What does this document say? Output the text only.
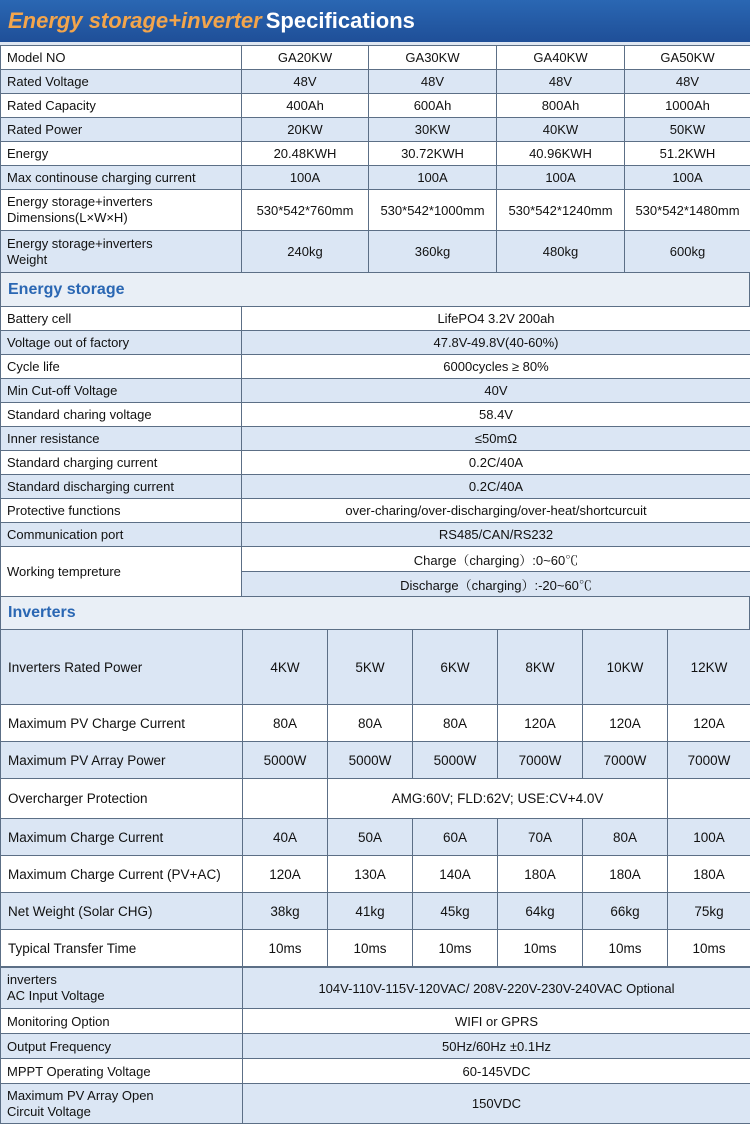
Energy storage+inverter Specifications
Model NO	GA20KW	GA30KW	GA40KW	GA50KW
Rated Voltage	48V	48V	48V	48V
Rated Capacity	400Ah	600Ah	800Ah	1000Ah
Rated Power	20KW	30KW	40KW	50KW
Energy	20.48KWH	30.72KWH	40.96KWH	51.2KWH
Max continouse charging current	100A	100A	100A	100A

Energy storage+inverters
Dimensions(L×W×H)	530*542*760mm	530*542*1000mm	530*542*1240mm	530*542*1480mm

Energy storage+inverters
Weight	240kg	360kg	480kg	600kg
Energy storage
Battery cell	LifePO4 3.2V 200ah
Voltage out of factory	47.8V-49.8V(40-60%)
Cycle life	6000cycles ≥ 80%
Min Cut-off Voltage	40V
Standard charing voltage	58.4V
Inner resistance	≤50mΩ
Standard charging current	0.2C/40A
Standard discharging current	0.2C/40A
Protective functions	over-charing/over-discharging/over-heat/shortcurcuit
Communication port	RS485/CAN/RS232
Working tempreture	Charge（charging）:0~60℃
	Discharge（charging）:-20~60℃
Inverters
Inverters Rated Power	4KW	5KW	6KW	8KW	10KW	12KW
Maximum PV Charge Current	80A	80A	80A	120A	120A	120A
Maximum PV Array Power	5000W	5000W	5000W	7000W	7000W	7000W
Overcharger Protection		AMG:60V; FLD:62V; USE:CV+4.0V				
Maximum Charge Current	40A	50A	60A	70A	80A	100A
Maximum Charge Current (PV+AC)	120A	130A	140A	180A	180A	180A
Net Weight (Solar CHG)	38kg	41kg	45kg	64kg	66kg	75kg
Typical Transfer Time	10ms	10ms	10ms	10ms	10ms	10ms
inverters
AC Input Voltage	104V-110V-115V-120VAC/ 208V-220V-230V-240VAC Optional
Monitoring Option	WIFI or GPRS
Output Frequency	50Hz/60Hz ±0.1Hz
MPPT Operating Voltage	60-145VDC

Maximum PV Array Open
Circuit Voltage	150VDC
